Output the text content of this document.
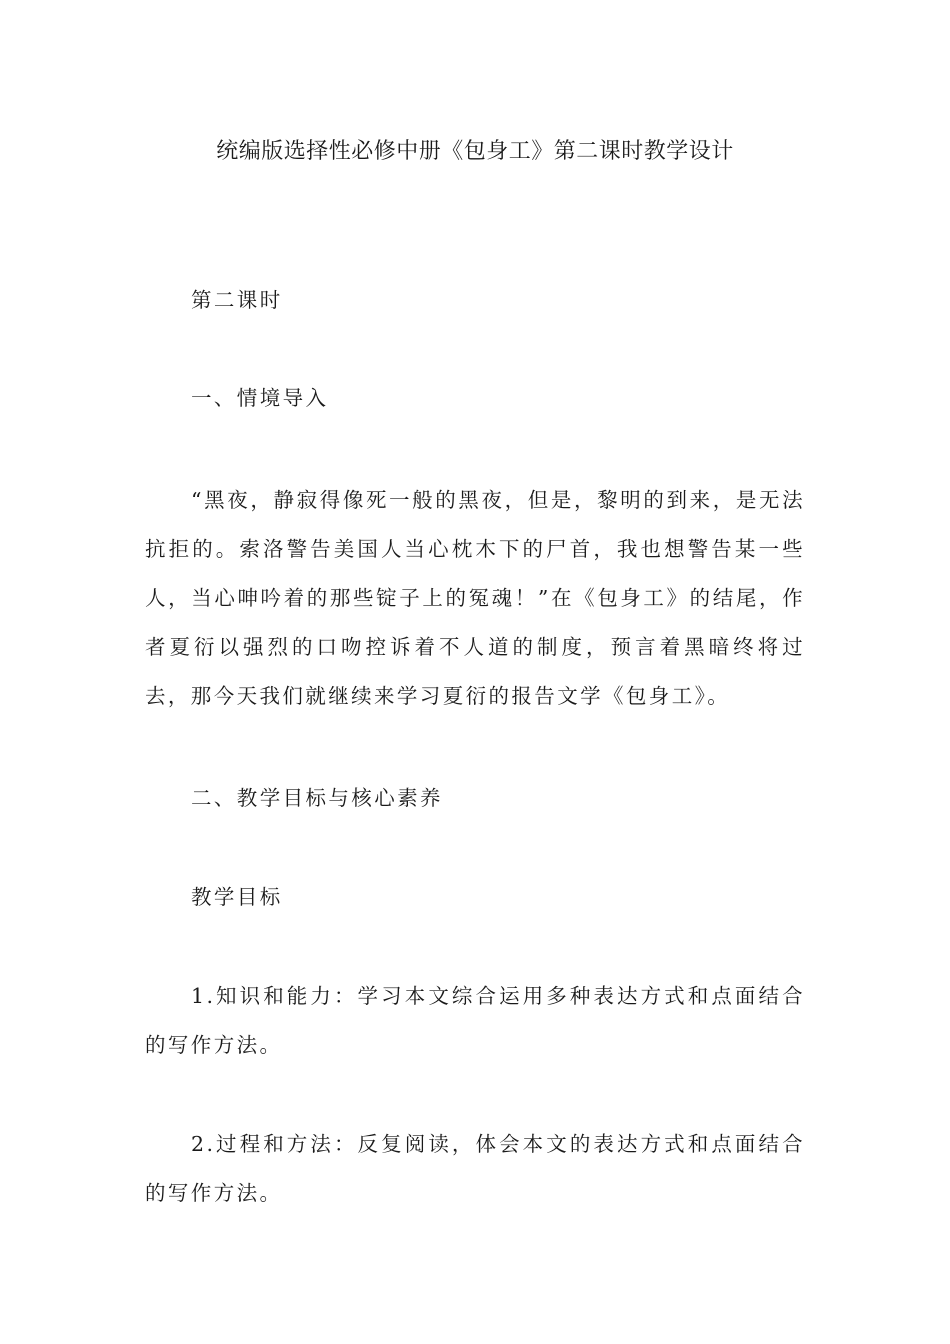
统编版选择性必修中册《包身工》第二课时教学设计

第二课时

一、情境导入

“黑夜，静寂得像死一般的黑夜，但是，黎明的到来，是无法抗拒的。索洛警告美国人当心枕木下的尸首，我也想警告某一些人，当心呻吟着的那些锭子上的冤魂！”在《包身工》的结尾，作者夏衍以强烈的口吻控诉着不人道的制度，预言着黑暗终将过去，那今天我们就继续来学习夏衍的报告文学《包身工》。

二、教学目标与核心素养

教学目标

1.知识和能力：学习本文综合运用多种表达方式和点面结合的写作方法。

2.过程和方法：反复阅读，体会本文的表达方式和点面结合的写作方法。
